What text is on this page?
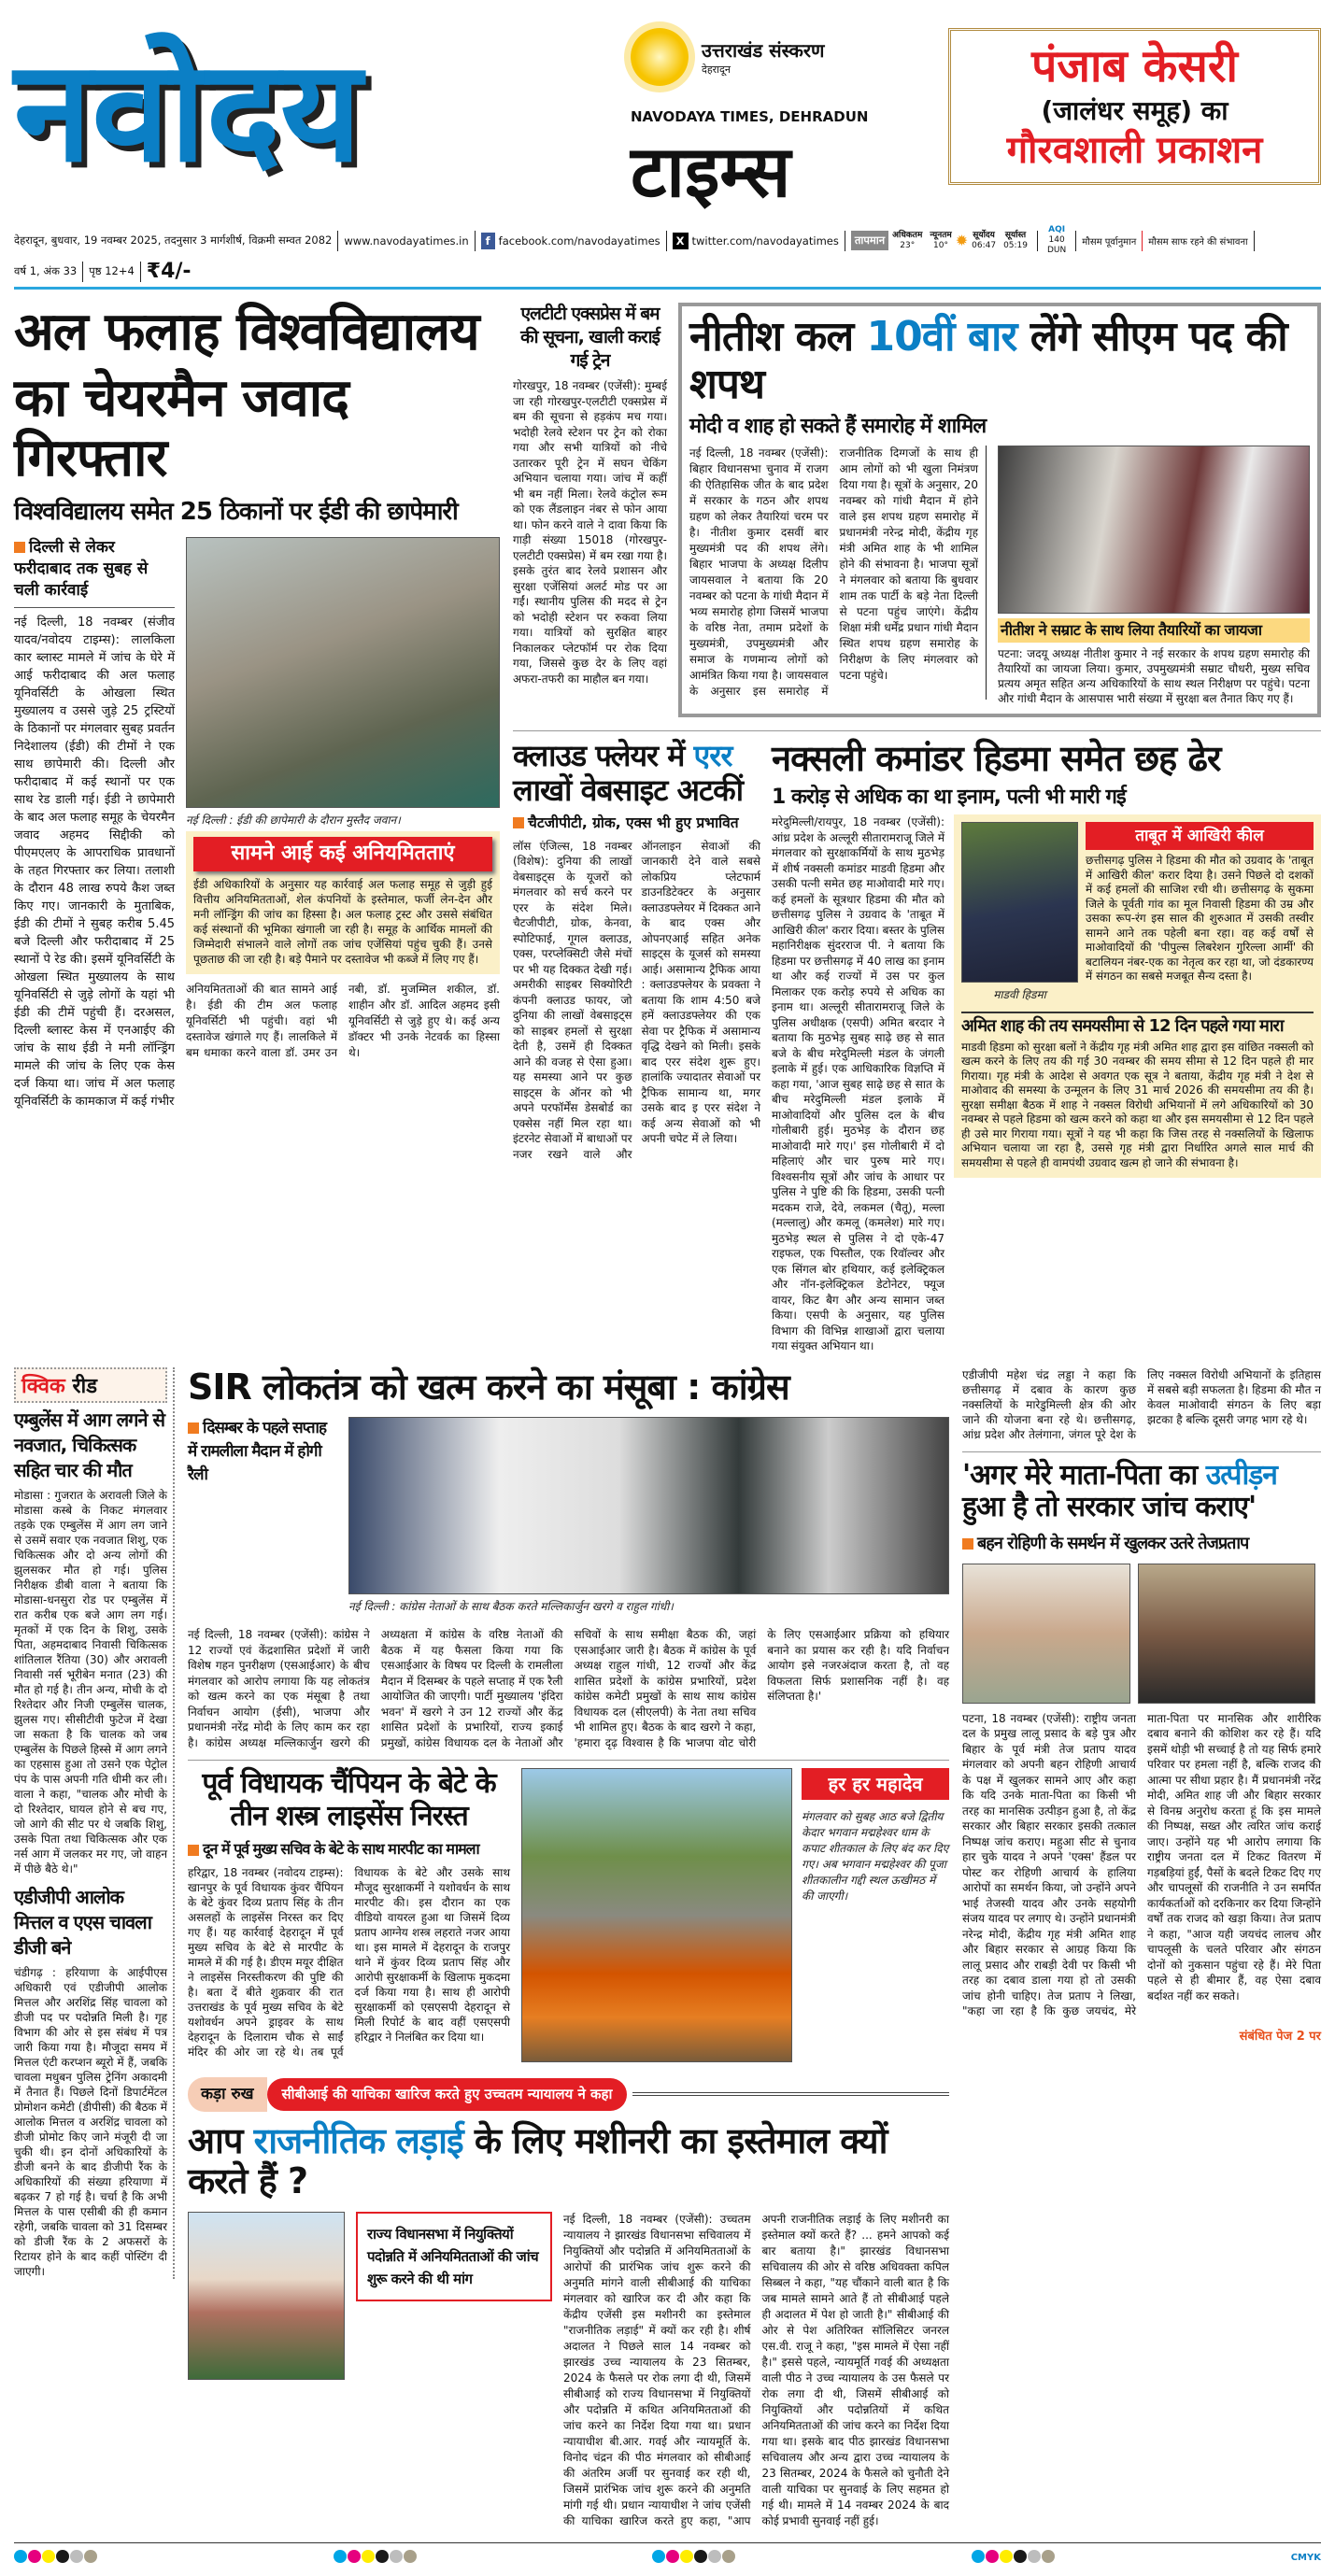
नवोदय	उत्तराखंड संस्करण
देहरादून
NAVODAYA TIMES, DEHRADUN
टाइम्स
पंजाब केसरी
(जालंधर समूह) का
गौरवशाली प्रकाशन
देहरादून, बुधवार, 19 नवम्बर 2025, तदनुसार 3 मार्गशीर्ष, विक्रमी सम्वत 2082 www.navodayatimes.in	f facebook.com/navodayatimes	X twitter.com/navodayatimes	तापमान अधिकतम
23°
न्यूनतम
10° ✹ सूर्योदय
06:47
सूर्यास्त
05:19
AQI
140
DUN
मौसम पूर्वानुमान मौसम साफ रहने की संभावना
वर्ष 1, अंक 33 पृष्ठ 12+4 ₹4/-
अल फलाह विश्वविद्यालय
का चेयरमैन जवाद गिरफ्तार
विश्वविद्यालय समेत 25 ठिकानों पर ईडी की छापेमारी
दिल्ली से लेकर फरीदाबाद तक सुबह से चली कार्रवाई
नई दिल्ली, 18 नवम्बर (संजीव यादव/नवोदय टाइम्स): लालकिला कार ब्लास्ट मामले में जांच के घेरे में आई फरीदाबाद की अल फलाह यूनिवर्सिटी के ओखला स्थित मुख्यालय व उससे जुड़े 25 ट्रस्टियों के ठिकानों पर मंगलवार सुबह प्रवर्तन निदेशालय (ईडी) की टीमों ने एक साथ छापेमारी की। दिल्ली और फरीदाबाद में कई स्थानों पर एक साथ रेड डाली गई। ईडी ने छापेमारी के बाद अल फलाह समूह के चेयरमैन जवाद अहमद सिद्दीकी को पीएमएलए के आपराधिक प्रावधानों के तहत गिरफ्तार कर लिया। तलाशी के दौरान 48 लाख रुपये कैश जब्त किए गए। जानकारी के मुताबिक, ईडी की टीमों ने सुबह करीब 5.45 बजे दिल्ली और फरीदाबाद में 25 स्थानों पे रेड की। इसमें यूनिवर्सिटी के ओखला स्थित मुख्यालय के साथ यूनिवर्सिटी से जुड़े लोगों के यहां भी ईडी की टीमें पहुंची हैं। दरअसल, दिल्ली ब्लास्ट केस में एनआईए की जांच के साथ ईडी ने मनी लॉन्ड्रिंग मामले की जांच के लिए एक केस दर्ज किया था। जांच में अल फलाह यूनिवर्सिटी के कामकाज में कई गंभीर
नई दिल्ली : ईडी की छापेमारी के दौरान मुस्तैद जवान।
सामने आई कई अनियमितताएं
ईडी अधिकारियों के अनुसार यह कार्रवाई अल फलाह समूह से जुड़ी हुई वित्तीय अनियमितताओं, शेल कंपनियों के इस्तेमाल, फर्जी लेन-देन और मनी लॉन्ड्रिंग की जांच का हिस्सा है। अल फलाह ट्रस्ट और उससे संबंधित कई संस्थानों की भूमिका खंगाली जा रही है। समूह के आर्थिक मामलों की जिम्मेदारी संभालने वाले लोगों तक जांच एजेंसियां पहुंच चुकी हैं। उनसे पूछताछ की जा रही है। बड़े पैमाने पर दस्तावेज भी कब्जे में लिए गए हैं।
अनियमितताओं की बात सामने आई है। ईडी की टीम अल फलाह यूनिवर्सिटी भी पहुंची। वहां भी दस्तावेज खंगाले गए हैं। लालकिले में बम धमाका करने वाला डॉ. उमर उन नबी, डॉ. मुजम्मिल शकील, डॉ. शाहीन और डॉ. आदिल अहमद इसी यूनिवर्सिटी से जुड़े हुए थे। कई अन्य डॉक्टर भी उनके नेटवर्क का हिस्सा थे।
एलटीटी एक्सप्रेस में बम की सूचना, खाली कराई गई ट्रेन
गोरखपुर, 18 नवम्बर (एजेंसी): मुम्बई जा रही गोरखपुर-एलटीटी एक्सप्रेस में बम की सूचना से हड़कंप मच गया। भदोही रेलवे स्टेशन पर ट्रेन को रोका गया और सभी यात्रियों को नीचे उतारकर पूरी ट्रेन में सघन चेकिंग अभियान चलाया गया। जांच में कहीं भी बम नहीं मिला। रेलवे कंट्रोल रूम को एक लैंडलाइन नंबर से फोन आया था। फोन करने वाले ने दावा किया कि गाड़ी संख्या 15018 (गोरखपुर-एलटीटी एक्सप्रेस) में बम रखा गया है। इसके तुरंत बाद रेलवे प्रशासन और सुरक्षा एजेंसियां अलर्ट मोड पर आ गईं। स्थानीय पुलिस की मदद से ट्रेन को भदोही स्टेशन पर रुकवा लिया गया। यात्रियों को सुरक्षित बाहर निकालकर प्लेटफॉर्म पर रोक दिया गया, जिससे कुछ देर के लिए वहां अफरा-तफरी का माहौल बन गया।
नीतीश कल 10वीं बार लेंगे सीएम पद की शपथ
मोदी व शाह हो सकते हैं समारोह में शामिल
नई दिल्ली, 18 नवम्बर (एजेंसी): बिहार विधानसभा चुनाव में राजग की ऐतिहासिक जीत के बाद प्रदेश में सरकार के गठन और शपथ ग्रहण को लेकर तैयारियां चरम पर है। नीतीश कुमार दसवीं बार मुख्यमंत्री पद की शपथ लेंगे। बिहार भाजपा के अध्यक्ष दिलीप जायसवाल ने बताया कि 20 नवम्बर को पटना के गांधी मैदान में भव्य समारोह होगा जिसमें भाजपा के वरिष्ठ नेता, तमाम प्रदेशों के मुख्यमंत्री, उपमुख्यमंत्री और समाज के गणमान्य लोगों को आमंत्रित किया गया है। जायसवाल के अनुसार इस समारोह में राजनीतिक दिग्गजों के साथ ही आम लोगों को भी खुला निमंत्रण दिया गया है। सूत्रों के अनुसार, 20 नवम्बर को गांधी मैदान में होने वाले इस शपथ ग्रहण समारोह में प्रधानमंत्री नरेन्द्र मोदी, केंद्रीय गृह मंत्री अमित शाह के भी शामिल होने की संभावना है। भाजपा सूत्रों ने मंगलवार को बताया कि बुधवार शाम तक पार्टी के बड़े नेता दिल्ली से पटना पहुंच जाएंगे। केंद्रीय शिक्षा मंत्री धर्मेंद्र प्रधान गांधी मैदान स्थित शपथ ग्रहण समारोह के निरीक्षण के लिए मंगलवार को पटना पहुंचे।
नीतीश ने सम्राट के साथ लिया तैयारियों का जायजा
पटना: जदयू अध्यक्ष नीतीश कुमार ने नई सरकार के शपथ ग्रहण समारोह की तैयारियों का जायजा लिया। कुमार, उपमुख्यमंत्री सम्राट चौधरी, मुख्य सचिव प्रत्यय अमृत सहित अन्य अधिकारियों के साथ स्थल निरीक्षण पर पहुंचे। पटना और गांधी मैदान के आसपास भारी संख्या में सुरक्षा बल तैनात किए गए हैं।
क्लाउड फ्लेयर में एरर लाखों वेबसाइट अटकीं
चैटजीपीटी, ग्रोक, एक्स भी हुए प्रभावित
लॉस एंजिल्स, 18 नवम्बर (विशेष): दुनिया की लाखों वेबसाइट्स के यूजरों को मंगलवार को सर्च करने पर एरर के संदेश मिले। चैटजीपीटी, ग्रोक, केनवा, स्पोटिफाई, गूगल क्लाउड, एक्स, परप्लेक्सिटी जैसे मंचों पर भी यह दिक्कत देखी गई। अमरीकी साइबर सिक्योरिटी कंपनी क्लाउड फायर, जो दुनिया की लाखों वेबसाइट्स को साइबर हमलों से सुरक्षा देती है, उसमें ही दिक्कत आने की वजह से ऐसा हुआ। यह समस्या आने पर कुछ साइट्स के ऑनर को भी अपने परफॉर्मेंस डेसबोर्ड का एक्सेस नहीं मिल रहा था। इंटरनेट सेवाओं में बाधाओं पर नजर रखने वाले और ऑनलाइन सेवाओं की जानकारी देने वाले सबसे लोकप्रिय प्लेटफार्म डाउनडिटेक्टर के अनुसार क्लाउडफ्लेयर में दिक्कत आने के बाद एक्स और ओपनएआई सहित अनेक साइट्स के यूजर्स को समस्या आई। असामान्य ट्रैफिक आया : क्लाउडफ्लेयर के प्रवक्ता ने बताया कि शाम 4:50 बजे हमें क्लाउडफ्लेयर की एक सेवा पर ट्रैफिक में असामान्य वृद्धि देखने को मिली। इसके बाद एरर संदेश शुरू हुए। हालांकि ज्यादातर सेवाओं पर ट्रैफिक सामान्य था, मगर उसके बाद इ एरर संदेश ने कई अन्य सेवाओं को भी अपनी चपेट में ले लिया।
नक्सली कमांडर हिडमा समेत छह ढेर
1 करोड़ से अधिक का था इनाम, पत्नी भी मारी गई
मरेदुमिल्ली/रायपुर, 18 नवम्बर (एजेंसी): आंध्र प्रदेश के अल्लूरी सीतारामराजू जिले में मंगलवार को सुरक्षाकर्मियों के साथ मुठभेड़ में शीर्ष नक्सली कमांडर माडवी हिडमा और उसकी पत्नी समेत छह माओवादी मारे गए। कई हमलों के सूत्रधार हिडमा की मौत को छत्तीसगढ़ पुलिस ने उग्रवाद के 'ताबूत में आखिरी कील' करार दिया। बस्तर के पुलिस महानिरीक्षक सुंदरराज पी. ने बताया कि हिडमा पर छत्तीसगढ़ में 40 लाख का इनाम था और कई राज्यों में उस पर कुल मिलाकर एक करोड़ रुपये से अधिक का इनाम था। अल्लूरी सीतारामराजू जिले के पुलिस अधीक्षक (एसपी) अमित बरदार ने बताया कि मुठभेड़ सुबह साढ़े छह से सात बजे के बीच मरेदुमिल्ली मंडल के जंगली इलाके में हुई। एक आधिकारिक विज्ञप्ति में कहा गया, 'आज सुबह साढ़े छह से सात के बीच मरेदुमिल्ली मंडल इलाके में माओवादियों और पुलिस दल के बीच गोलीबारी हुई। मुठभेड़ के दौरान छह माओवादी मारे गए।' इस गोलीबारी में दो महिलाएं और चार पुरुष मारे गए। विश्वसनीय सूत्रों और जांच के आधार पर पुलिस ने पुष्टि की कि हिडमा, उसकी पत्नी मदकम राजे, देवे, लकमल (चैतू), मल्ला (मल्लालु) और कमलू (कमलेश) मारे गए। मुठभेड़ स्थल से पुलिस ने दो एके-47 राइफल, एक पिस्तौल, एक रिवॉल्वर और एक सिंगल बोर हथियार, कई इलेक्ट्रिकल और नॉन-इलेक्ट्रिकल डेटोनेटर, फ्यूज वायर, किट बैग और अन्य सामान जब्त किया। एसपी के अनुसार, यह पुलिस विभाग की विभिन्न शाखाओं द्वारा चलाया गया संयुक्त अभियान था।
माडवी हिडमा
ताबूत में आखिरी कील
छत्तीसगढ़ पुलिस ने हिडमा की मौत को उग्रवाद के 'ताबूत में आखिरी कील' करार दिया है। उसने पिछले दो दशकों में कई हमलों की साजिश रची थी। छत्तीसगढ़ के सुकमा जिले के पूर्वती गांव का मूल निवासी हिडमा की उम्र और उसका रूप-रंग इस साल की शुरुआत में उसकी तस्वीर सामने आने तक पहेली बना रहा। वह कई वर्षों से माओवादियों की 'पीपुल्स लिबरेशन गुरिल्ला आर्मी' की बटालियन नंबर-एक का नेतृत्व कर रहा था, जो दंडकारण्य में संगठन का सबसे मजबूत सैन्य दस्ता है।
अमित शाह की तय समयसीमा से 12 दिन पहले गया मारा
माडवी हिडमा को सुरक्षा बलों ने केंद्रीय गृह मंत्री अमित शाह द्वारा इस वांछित नक्सली को खत्म करने के लिए तय की गई 30 नवम्बर की समय सीमा से 12 दिन पहले ही मार गिराया। गृह मंत्री के आदेश से अवगत एक सूत्र ने बताया, केंद्रीय गृह मंत्री ने देश से माओवाद की समस्या के उन्मूलन के लिए 31 मार्च 2026 की समयसीमा तय की है। सुरक्षा समीक्षा बैठक में शाह ने नक्सल विरोधी अभियानों में लगे अधिकारियों को 30 नवम्बर से पहले हिडमा को खत्म करने को कहा था और इस समयसीमा से 12 दिन पहले ही उसे मार गिराया गया। सूत्रों ने यह भी कहा कि जिस तरह से नक्सलियों के खिलाफ अभियान चलाया जा रहा है, उससे गृह मंत्री द्वारा निर्धारित अगले साल मार्च की समयसीमा से पहले ही वामपंथी उग्रवाद खत्म हो जाने की संभावना है।
क्विक रीड
एम्बुलेंस में आग लगने से नवजात, चिकित्सक सहित चार की मौत
मोडासा : गुजरात के अरावली जिले के मोडासा कस्बे के निकट मंगलवार तड़के एक एम्बुलेंस में आग लग जाने से उसमें सवार एक नवजात शिशु, एक चिकित्सक और दो अन्य लोगों की झुलसकर मौत हो गई। पुलिस निरीक्षक डीबी वाला ने बताया कि मोडासा-धनसुरा रोड पर एम्बुलेंस में रात करीब एक बजे आग लग गई। मृतकों में एक दिन के शिशु, उसके पिता, अहमदाबाद निवासी चिकित्सक शांतिलाल रैंतिया (30) और अरावली निवासी नर्स भूरीबेन मनात (23) की मौत हो गई है। तीन अन्य, मोची के दो रिश्तेदार और निजी एम्बुलेंस चालक, झुलस गए। सीसीटीवी फुटेज में देखा जा सकता है कि चालक को जब एम्बुलेंस के पिछले हिस्से में आग लगने का एहसास हुआ तो उसने एक पेट्रोल पंप के पास अपनी गति धीमी कर ली। वाला ने कहा, "चालक और मोची के दो रिश्तेदार, घायल होने से बच गए, जो आगे की सीट पर थे जबकि शिशु, उसके पिता तथा चिकित्सक और एक नर्स आग में जलकर मर गए, जो वाहन में पीछे बैठे थे।"
एडीजीपी आलोक मित्तल व एएस चावला डीजी बने
चंडीगढ़ : हरियाणा के आईपीएस अधिकारी एवं एडीजीपी आलोक मित्तल और अरशिंद्र सिंह चावला को डीजी पद पर पदोन्नति मिली है। गृह विभाग की ओर से इस संबंध में पत्र जारी किया गया है। मौजूदा समय में मित्तल एंटी करप्शन ब्यूरो में हैं, जबकि चावला मधुबन पुलिस ट्रेनिंग अकादमी में तैनात हैं। पिछले दिनों डिपार्टमेंटल प्रोमोशन कमेटी (डीपीसी) की बैठक में आलोक मित्तल व अरशिंद्र चावला को डीजी प्रोमोट किए जाने मंजूरी दी जा चुकी थी। इन दोनों अधिकारियों के डीजी बनने के बाद डीजीपी रैंक के अधिकारियों की संख्या हरियाणा में बढ़कर 7 हो गई है। चर्चा है कि अभी मित्तल के पास एसीबी की ही कमान रहेगी, जबकि चावला को 31 दिसम्बर को डीजी रैंक के 2 अफसरों के रिटायर होने के बाद कहीं पोस्टिंग दी जाएगी।
SIR लोकतंत्र को खत्म करने का मंसूबा : कांग्रेस
दिसम्बर के पहले सप्ताह में रामलीला मैदान में होगी रैली
नई दिल्ली : कांग्रेस नेताओं के साथ बैठक करते मल्लिकार्जुन खरगे व राहुल गांधी।
नई दिल्ली, 18 नवम्बर (एजेंसी): कांग्रेस ने 12 राज्यों एवं केंद्रशासित प्रदेशों में जारी विशेष गहन पुनरीक्षण (एसआईआर) के बीच मंगलवार को आरोप लगाया कि यह लोकतंत्र को खत्म करने का एक मंसूबा है तथा निर्वाचन आयोग (ईसी), भाजपा और प्रधानमंत्री नरेंद्र मोदी के लिए काम कर रहा है। कांग्रेस अध्यक्ष मल्लिकार्जुन खरगे की अध्यक्षता में कांग्रेस के वरिष्ठ नेताओं की बैठक में यह फैसला किया गया कि एसआईआर के विषय पर दिल्ली के रामलीला मैदान में दिसम्बर के पहले सप्ताह में एक रैली आयोजित की जाएगी। पार्टी मुख्यालय 'इंदिरा भवन' में खरगे ने उन 12 राज्यों और केंद्र शासित प्रदेशों के प्रभारियों, राज्य इकाई प्रमुखों, कांग्रेस विधायक दल के नेताओं और सचिवों के साथ समीक्षा बैठक की, जहां एसआईआर जारी है। बैठक में कांग्रेस के पूर्व अध्यक्ष राहुल गांधी, 12 राज्यों और केंद्र शासित प्रदेशों के कांग्रेस प्रभारियों, प्रदेश कांग्रेस कमेटी प्रमुखों के साथ साथ कांग्रेस विधायक दल (सीएलपी) के नेता तथा सचिव भी शामिल हुए। बैठक के बाद खरगे ने कहा, 'हमारा दृढ़ विश्वास है कि भाजपा वोट चोरी के लिए एसआईआर प्रक्रिया को हथियार बनाने का प्रयास कर रही है। यदि निर्वाचन आयोग इसे नजरअंदाज करता है, तो वह विफलता सिर्फ प्रशासनिक नहीं है। वह संलिप्तता है।'
पूर्व विधायक चैंपियन के बेटे के तीन शस्त्र लाइसेंस निरस्त
दून में पूर्व मुख्य सचिव के बेटे के साथ मारपीट का मामला
हरिद्वार, 18 नवम्बर (नवोदय टाइम्स): खानपुर के पूर्व विधायक कुंवर चैंपियन के बेटे कुंवर दिव्य प्रताप सिंह के तीन असलहों के लाइसेंस निरस्त कर दिए गए हैं। यह कार्रवाई देहरादून में पूर्व मुख्य सचिव के बेटे से मारपीट के मामले में की गई है। डीएम मयूर दीक्षित ने लाइसेंस निरस्तीकरण की पुष्टि की है। बता दें बीते शुक्रवार की रात उत्तराखंड के पूर्व मुख्य सचिव के बेटे यशोवर्धन अपने ड्राइवर के साथ देहरादून के दिलाराम चौक से साईं मंदिर की ओर जा रहे थे। तब पूर्व विधायक के बेटे और उसके साथ मौजूद सुरक्षाकर्मी ने यशोवर्धन के साथ मारपीट की। इस दौरान का एक वीडियो वायरल हुआ था जिसमें दिव्य प्रताप आग्नेय शस्त्र लहराते नजर आया था। इस मामले में देहरादून के राजपुर थाने में कुंवर दिव्य प्रताप सिंह और आरोपी सुरक्षाकर्मी के खिलाफ मुकदमा दर्ज किया गया है। साथ ही आरोपी सुरक्षाकर्मी को एसएसपी देहरादून से मिली रिपोर्ट के बाद वहीं एसएसपी हरिद्वार ने निलंबित कर दिया था।
हर हर महादेव
मंगलवार को सुबह आठ बजे द्वितीय केदार भगवान मद्महेश्वर धाम के कपाट शीतकाल के लिए बंद कर दिए गए। अब भगवान मद्महेश्वर की पूजा शीतकालीन गद्दी स्थल ऊखीमठ में की जाएगी।
कड़ा रुख	सीबीआई की याचिका खारिज करते हुए उच्चतम न्यायालय ने कहा
आप राजनीतिक लड़ाई के लिए मशीनरी का इस्तेमाल क्यों करते हैं ?
राज्य विधानसभा में नियुक्तियों पदोन्नति में अनियमितताओं की जांच शुरू करने की थी मांग
नई दिल्ली, 18 नवम्बर (एजेंसी): उच्चतम न्यायालय ने झारखंड विधानसभा सचिवालय में नियुक्तियों और पदोन्नति में अनियमितताओं के आरोपों की प्रारंभिक जांच शुरू करने की अनुमति मांगने वाली सीबीआई की याचिका मंगलवार को खारिज कर दी और कहा कि केंद्रीय एजेंसी इस मशीनरी का इस्तेमाल "राजनीतिक लड़ाई" में क्यों कर रही है। शीर्ष अदालत ने पिछले साल 14 नवम्बर को झारखंड उच्च न्यायालय के 23 सितम्बर, 2024 के फैसले पर रोक लगा दी थी, जिसमें सीबीआई को राज्य विधानसभा में नियुक्तियों और पदोन्नति में कथित अनियमितताओं की जांच करने का निर्देश दिया गया था। प्रधान न्यायाधीश बी.आर. गवई और न्यायमूर्ति के. विनोद चंद्रन की पीठ मंगलवार को सीबीआई की अंतरिम अर्जी पर सुनवाई कर रही थी, जिसमें प्रारंभिक जांच शुरू करने की अनुमति मांगी गई थी। प्रधान न्यायाधीश ने जांच एजेंसी की याचिका खारिज करते हुए कहा, "आप अपनी राजनीतिक लड़ाई के लिए मशीनरी का इस्तेमाल क्यों करते हैं? ... हमने आपको कई बार बताया है।" झारखंड विधानसभा सचिवालय की ओर से वरिष्ठ अधिवक्ता कपिल सिब्बल ने कहा, "यह चौंकाने वाली बात है कि जब मामले सामने आते हैं तो सीबीआई पहले ही अदालत में पेश हो जाती है।" सीबीआई की ओर से पेश अतिरिक्त सॉलिसिटर जनरल एस.वी. राजू ने कहा, "इस मामले में ऐसा नहीं है।" इससे पहले, न्यायमूर्ति गवई की अध्यक्षता वाली पीठ ने उच्च न्यायालय के उस फैसले पर रोक लगा दी थी, जिसमें सीबीआई को नियुक्तियों और पदोन्नतियों में कथित अनियमितताओं की जांच करने का निर्देश दिया गया था। इसके बाद पीठ झारखंड विधानसभा सचिवालय और अन्य द्वारा उच्च न्यायालय के 23 सितम्बर, 2024 के फैसले को चुनौती देने वाली याचिका पर सुनवाई के लिए सहमत हो गई थी। मामले में 14 नवम्बर 2024 के बाद कोई प्रभावी सुनवाई नहीं हुई।
एडीजीपी महेश चंद्र लड्डा ने कहा कि छत्तीसगढ़ में दबाव के कारण कुछ नक्सलियों के मारेडुमिल्ली क्षेत्र की ओर जाने की योजना बना रहे थे। छत्तीसगढ़, आंध्र प्रदेश और तेलंगाना, जंगल पूरे देश के लिए नक्सल विरोधी अभियानों के इतिहास में सबसे बड़ी सफलता है। हिडमा की मौत न केवल माओवादी संगठन के लिए बड़ा झटका है बल्कि दूसरी जगह भाग रहे थे।
'अगर मेरे माता-पिता का उत्पीड़न हुआ है तो सरकार जांच कराए'
बहन रोहिणी के समर्थन में खुलकर उतरे तेजप्रताप
पटना, 18 नवम्बर (एजेंसी): राष्ट्रीय जनता दल के प्रमुख लालू प्रसाद के बड़े पुत्र और बिहार के पूर्व मंत्री तेज प्रताप यादव मंगलवार को अपनी बहन रोहिणी आचार्य के पक्ष में खुलकर सामने आए और कहा कि यदि उनके माता-पिता का किसी भी तरह का मानसिक उत्पीड़न हुआ है, तो केंद्र सरकार और बिहार सरकार इसकी तत्काल निष्पक्ष जांच कराए। महुआ सीट से चुनाव हार चुके यादव ने अपने 'एक्स' हैंडल पर पोस्ट कर रोहिणी आचार्य के हालिया आरोपों का समर्थन किया, जो उन्होंने अपने भाई तेजस्वी यादव और उनके सहयोगी संजय यादव पर लगाए थे। उन्होंने प्रधानमंत्री नरेन्द्र मोदी, केंद्रीय गृह मंत्री अमित शाह और बिहार सरकार से आग्रह किया कि लालू प्रसाद और राबड़ी देवी पर किसी भी तरह का दबाव डाला गया हो तो उसकी जांच होनी चाहिए। तेज प्रताप ने लिखा, "कहा जा रहा है कि कुछ जयचंद, मेरे माता-पिता पर मानसिक और शारीरिक दबाव बनाने की कोशिश कर रहे हैं। यदि इसमें थोड़ी भी सच्चाई है तो यह सिर्फ हमारे परिवार पर हमला नहीं है, बल्कि राजद की आत्मा पर सीधा प्रहार है। मैं प्रधानमंत्री नरेंद्र मोदी, अमित शाह जी और बिहार सरकार से विनम्र अनुरोध करता हूं कि इस मामले की निष्पक्ष, सख्त और त्वरित जांच कराई जाए। उन्होंने यह भी आरोप लगाया कि राष्ट्रीय जनता दल में टिकट वितरण में गड़बड़ियां हुईं, पैसों के बदले टिकट दिए गए और चापलूसों की राजनीति ने उन समर्पित कार्यकर्ताओं को दरकिनार कर दिया जिन्होंने वर्षों तक राजद को खड़ा किया। तेज प्रताप ने कहा, "आज यही जयचंद लालच और चापलूसी के चलते परिवार और संगठन दोनों को नुकसान पहुंचा रहे हैं। मेरे पिता पहले से ही बीमार हैं, वह ऐसा दबाव बर्दाश्त नहीं कर सकते।
संबंधित पेज 2 पर
CMYK
